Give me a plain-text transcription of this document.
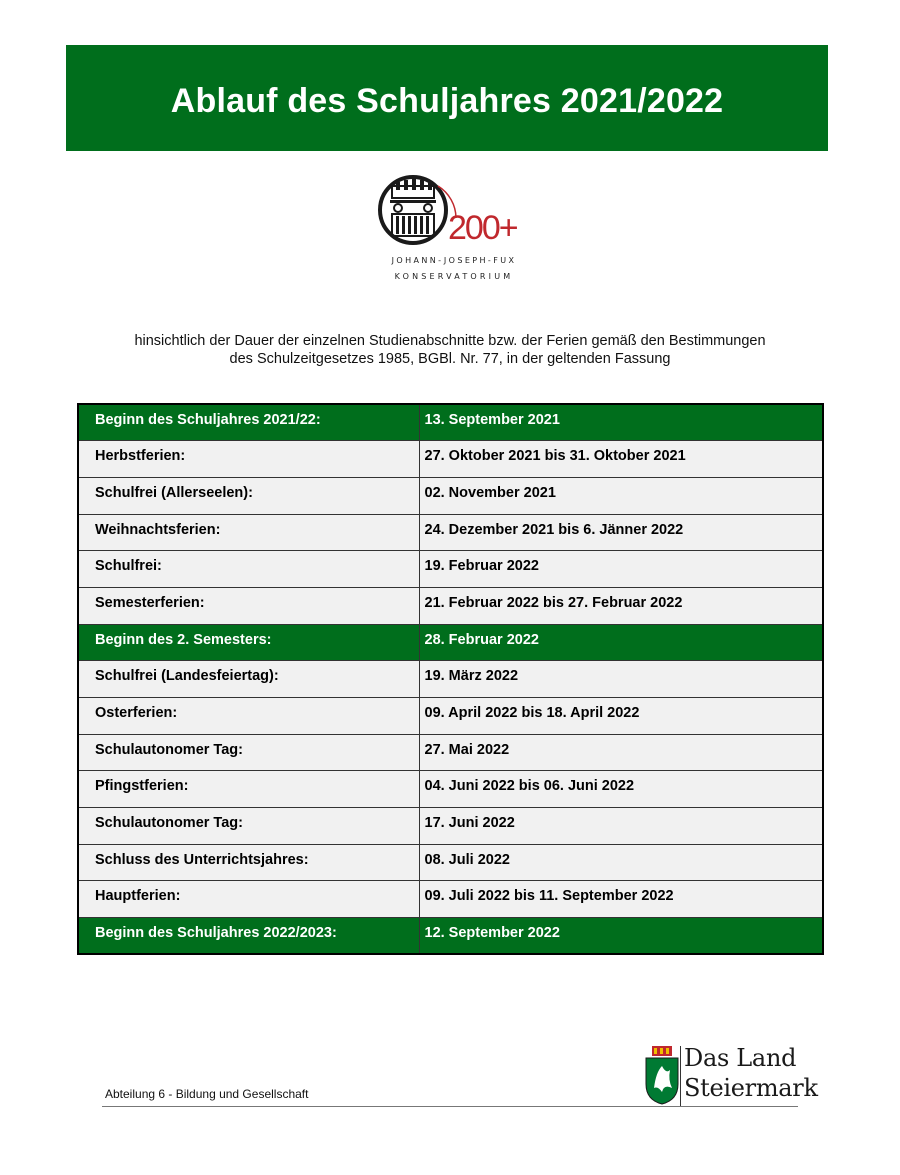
Ablauf des Schuljahres 2021/2022
200+
JOHANN-JOSEPH-FUX
KONSERVATORIUM
hinsichtlich der Dauer der einzelnen Studienabschnitte bzw. der Ferien gemäß den Bestimmungen
des Schulzeitgesetzes 1985, BGBl. Nr. 77, in der geltenden Fassung
Beginn des Schuljahres 2021/22:	13. September 2021
Herbstferien:	27. Oktober 2021 bis 31. Oktober 2021
Schulfrei (Allerseelen):	02. November 2021
Weihnachtsferien:	24. Dezember 2021 bis 6. Jänner 2022
Schulfrei:	19. Februar 2022
Semesterferien:	21. Februar 2022 bis 27. Februar 2022
Beginn des 2. Semesters:	28. Februar 2022
Schulfrei (Landesfeiertag):	19. März 2022
Osterferien:	09. April 2022 bis 18. April 2022
Schulautonomer Tag:	27. Mai 2022
Pfingstferien:	04. Juni 2022 bis 06. Juni 2022
Schulautonomer Tag:	17. Juni 2022
Schluss des Unterrichtsjahres:	08. Juli 2022
Hauptferien:	09. Juli 2022 bis 11. September 2022
Beginn des Schuljahres 2022/2023:	12. September 2022
Abteilung 6 - Bildung und Gesellschaft
Das Land
Steiermark
